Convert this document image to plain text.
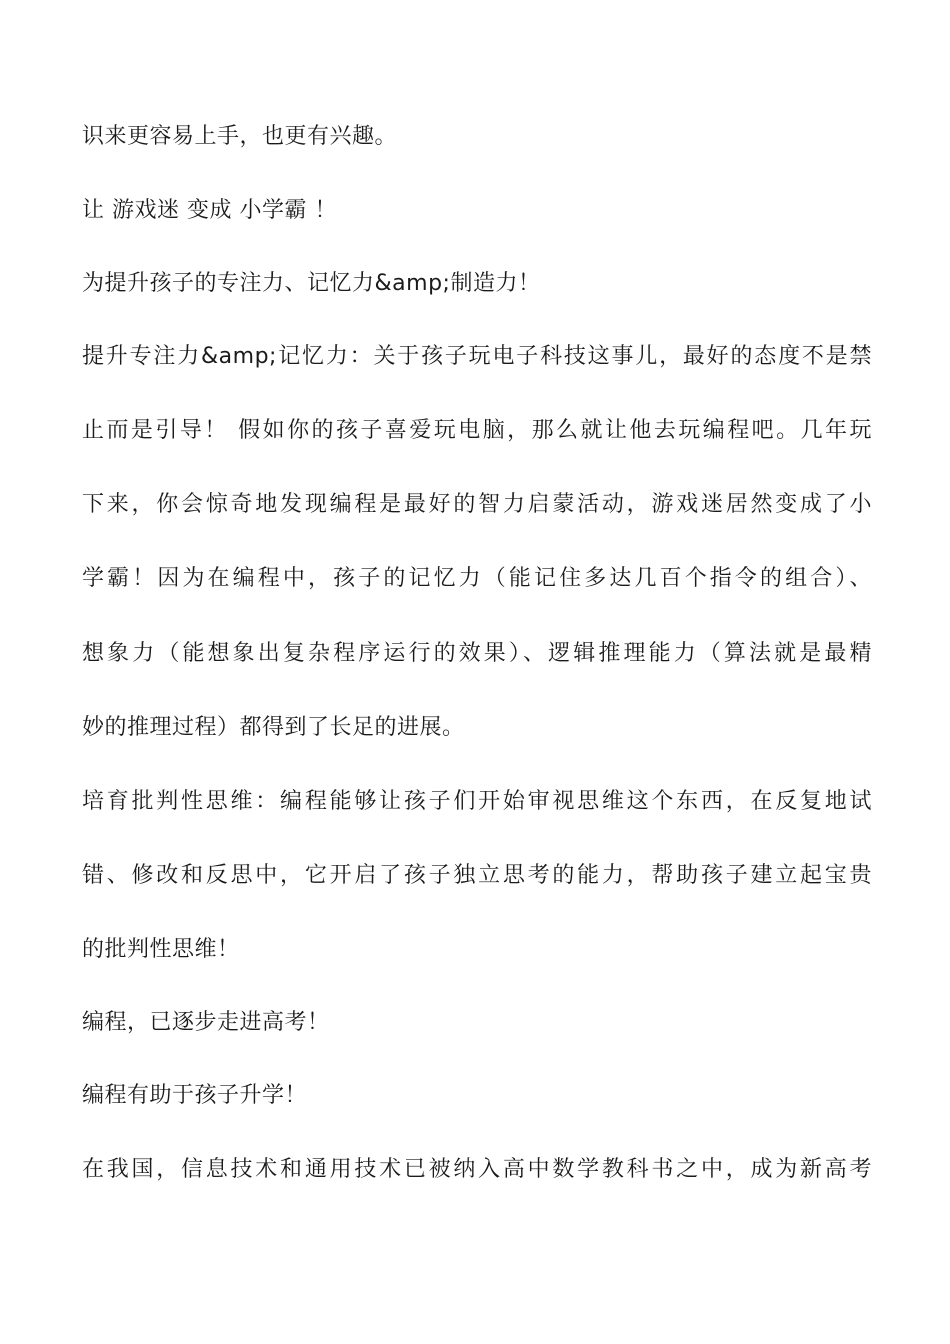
识来更容易上手，也更有兴趣。
让 游戏迷 变成 小学霸 ！
为提升孩子的专注力、记忆力&amp;制造力！
提升专注力&amp;记忆力：关于孩子玩电子科技这事儿，最好的态度不是禁
止而是引导！ 假如你的孩子喜爱玩电脑，那么就让他去玩编程吧。几年玩
下来，你会惊奇地发现编程是最好的智力启蒙活动，游戏迷居然变成了小
学霸！因为在编程中，孩子的记忆力（能记住多达几百个指令的组合）、
想象力（能想象出复杂程序运行的效果）、逻辑推理能力（算法就是最精
妙的推理过程）都得到了长足的进展。
培育批判性思维：编程能够让孩子们开始审视思维这个东西，在反复地试
错、修改和反思中，它开启了孩子独立思考的能力，帮助孩子建立起宝贵
的批判性思维！
编程，已逐步走进高考！
编程有助于孩子升学！
在我国，信息技术和通用技术已被纳入高中数学教科书之中，成为新高考
